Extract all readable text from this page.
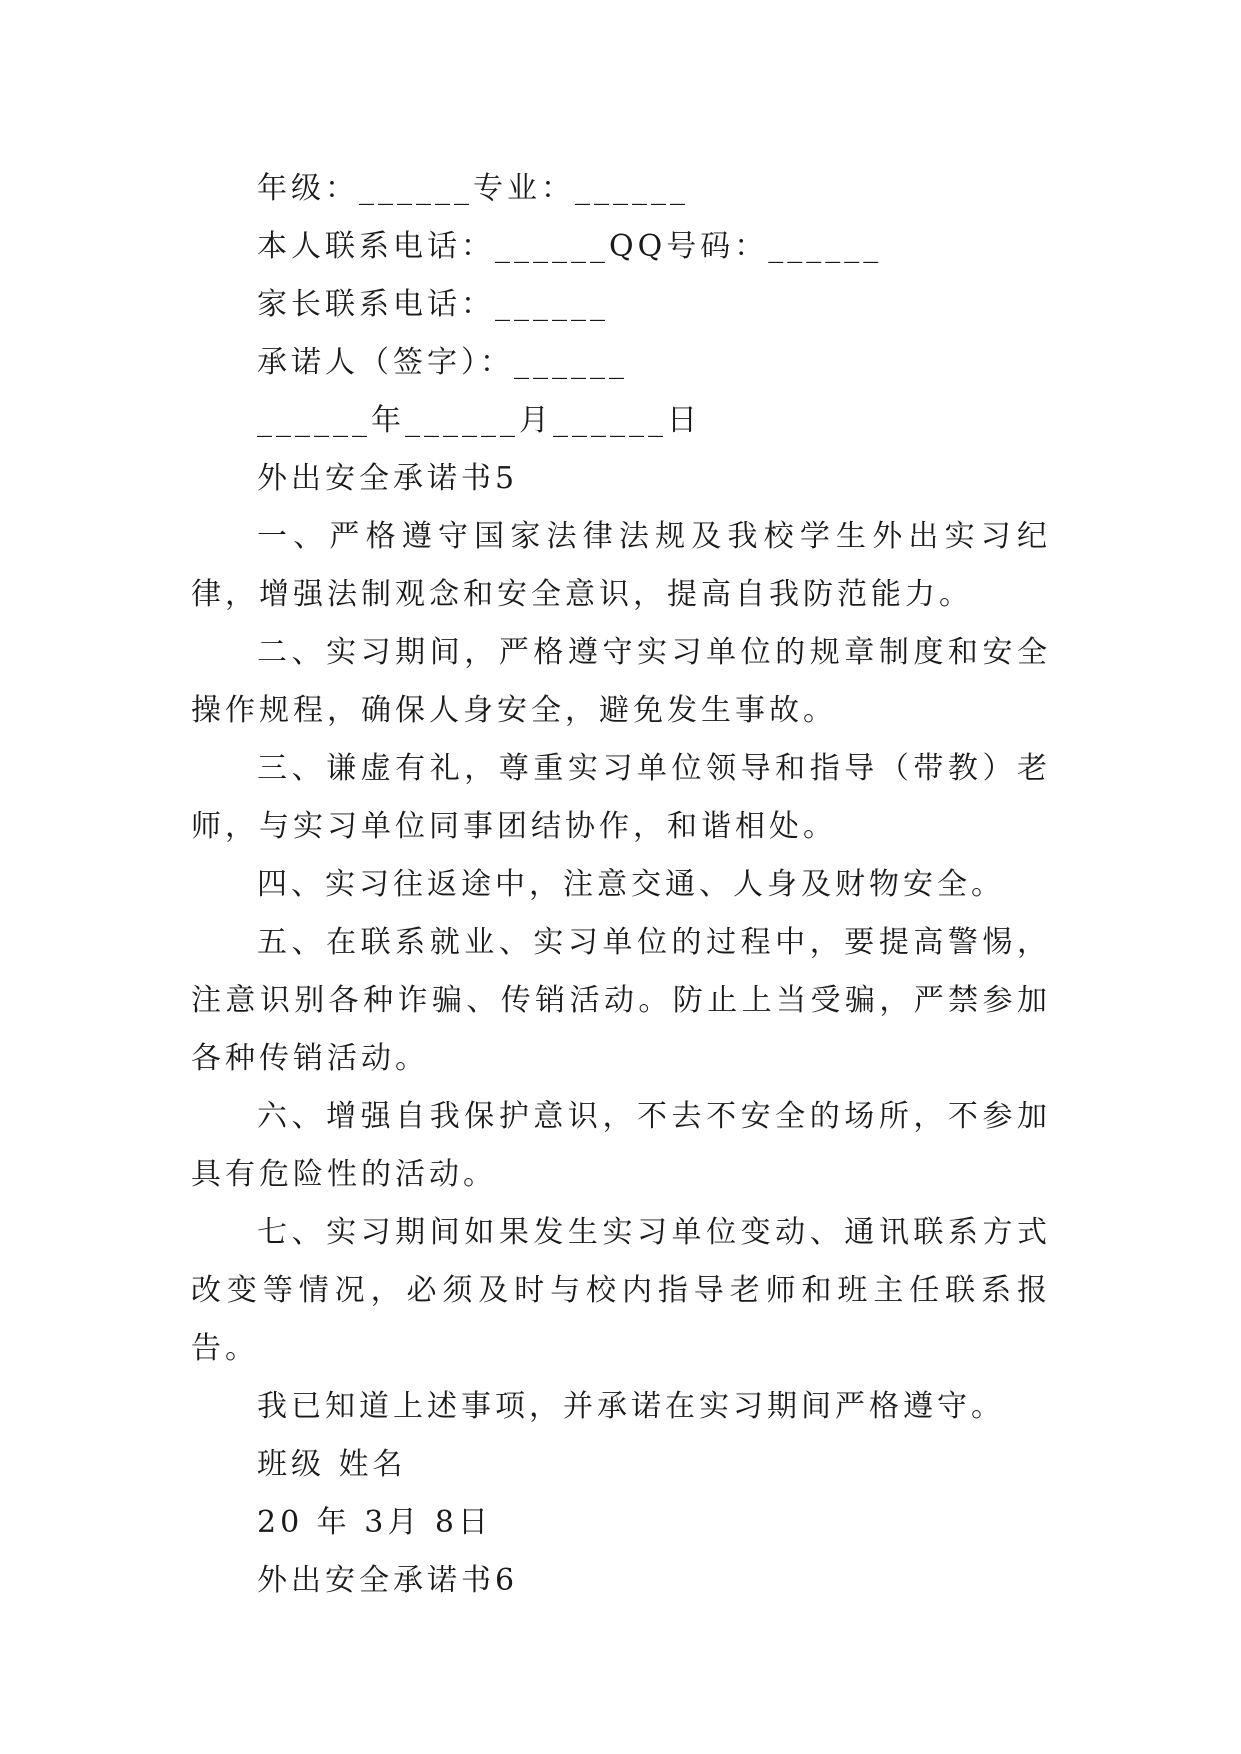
年级：______专业：______

本人联系电话：______QQ号码：______

家长联系电话：______

承诺人（签字）：______

______年______月______日

外出安全承诺书5

一、严格遵守国家法律法规及我校学生外出实习纪律，增强法制观念和安全意识，提高自我防范能力。

二、实习期间，严格遵守实习单位的规章制度和安全操作规程，确保人身安全，避免发生事故。

三、谦虚有礼，尊重实习单位领导和指导（带教）老师，与实习单位同事团结协作，和谐相处。

四、实习往返途中，注意交通、人身及财物安全。

五、在联系就业、实习单位的过程中，要提高警惕，注意识别各种诈骗、传销活动。防止上当受骗，严禁参加各种传销活动。

六、增强自我保护意识，不去不安全的场所，不参加具有危险性的活动。

七、实习期间如果发生实习单位变动、通讯联系方式改变等情况，必须及时与校内指导老师和班主任联系报告。

我已知道上述事项，并承诺在实习期间严格遵守。

班级 姓名

20 年 3月 8日

外出安全承诺书6
